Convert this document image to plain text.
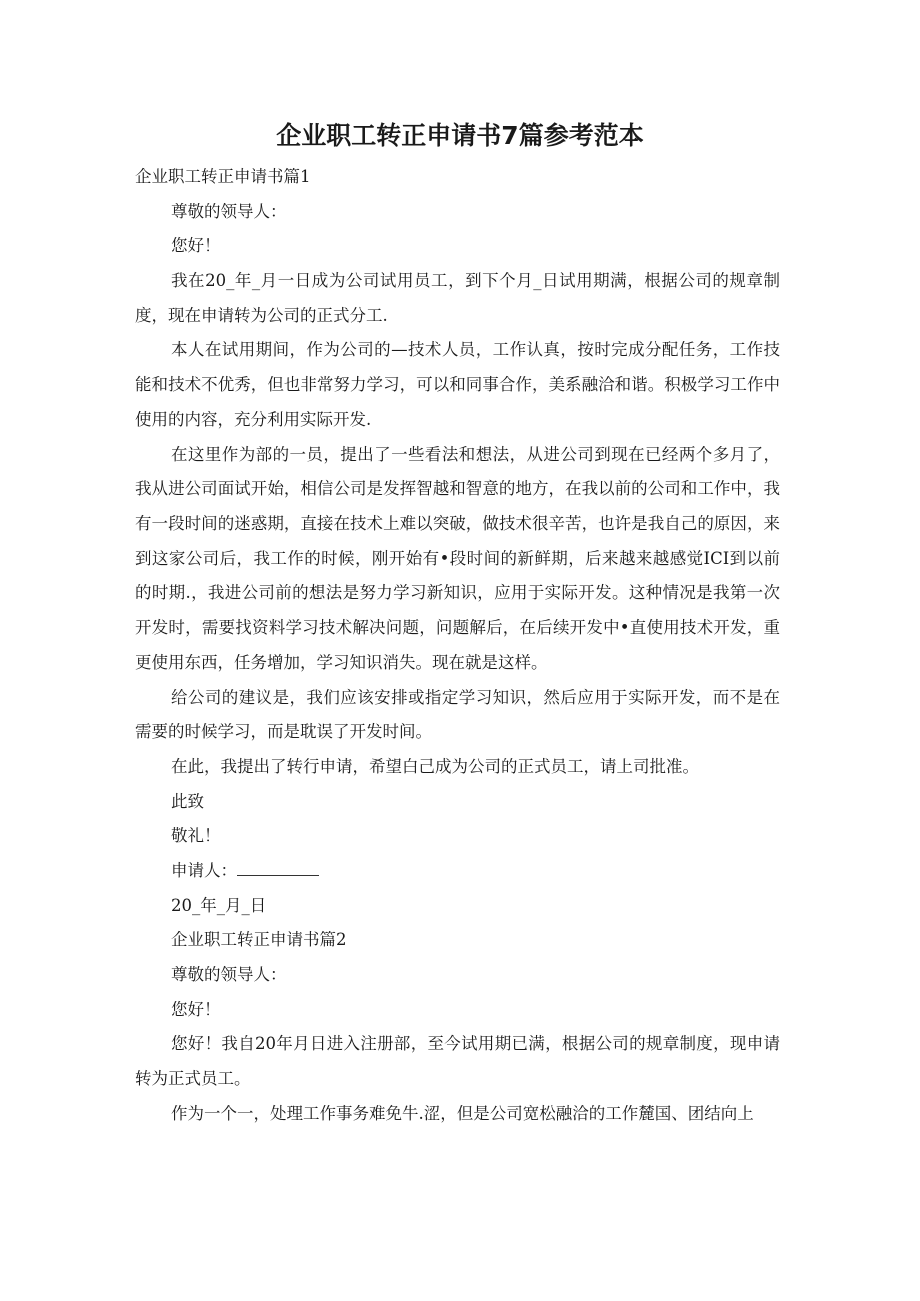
企业职工转正申请书7篇参考范本

企业职工转正申请书篇1

尊敬的领导人：

您好！

我在20_年_月一日成为公司试用员工，到下个月_日试用期满，根据公司的规章制度，现在申请转为公司的正式分工.

本人在试用期间，作为公司的—技术人员，工作认真，按时完成分配任务，工作技能和技术不优秀，但也非常努力学习，可以和同事合作，美系融洽和谐。积极学习工作中使用的内容，充分利用实际开发.

在这里作为部的一员，提出了一些看法和想法，从进公司到现在已经两个多月了，我从进公司面试开始，相信公司是发挥智越和智意的地方，在我以前的公司和工作中，我有一段时间的迷惑期，直接在技术上难以突破，做技术很辛苦，也许是我自己的原因，来到这家公司后，我工作的时候，刚开始有•段时间的新鲜期，后来越来越感觉ICI到以前的时期.，我进公司前的想法是努力学习新知识，应用于实际开发。这种情况是我第一次开发时，需要找资料学习技术解决问题，问题解后，在后续开发中•直使用技术开发，重更使用东西，任务增加，学习知识消失。现在就是这样。

给公司的建议是，我们应该安排或指定学习知识，然后应用于实际开发，而不是在需要的时候学习，而是耽误了开发时间。

在此，我提出了转行申请，希望白己成为公司的正式员工，请上司批准。

此致

敬礼！

申请人：

20_年_月_日

企业职工转正申请书篇2

尊敬的领导人：

您好！

您好！我自20年月日进入注册部，至今试用期已满，根据公司的规章制度，现申请转为正式员工。

作为一个一，处理工作事务难免牛.涩，但是公司宽松融洽的工作麓国、团结向上
